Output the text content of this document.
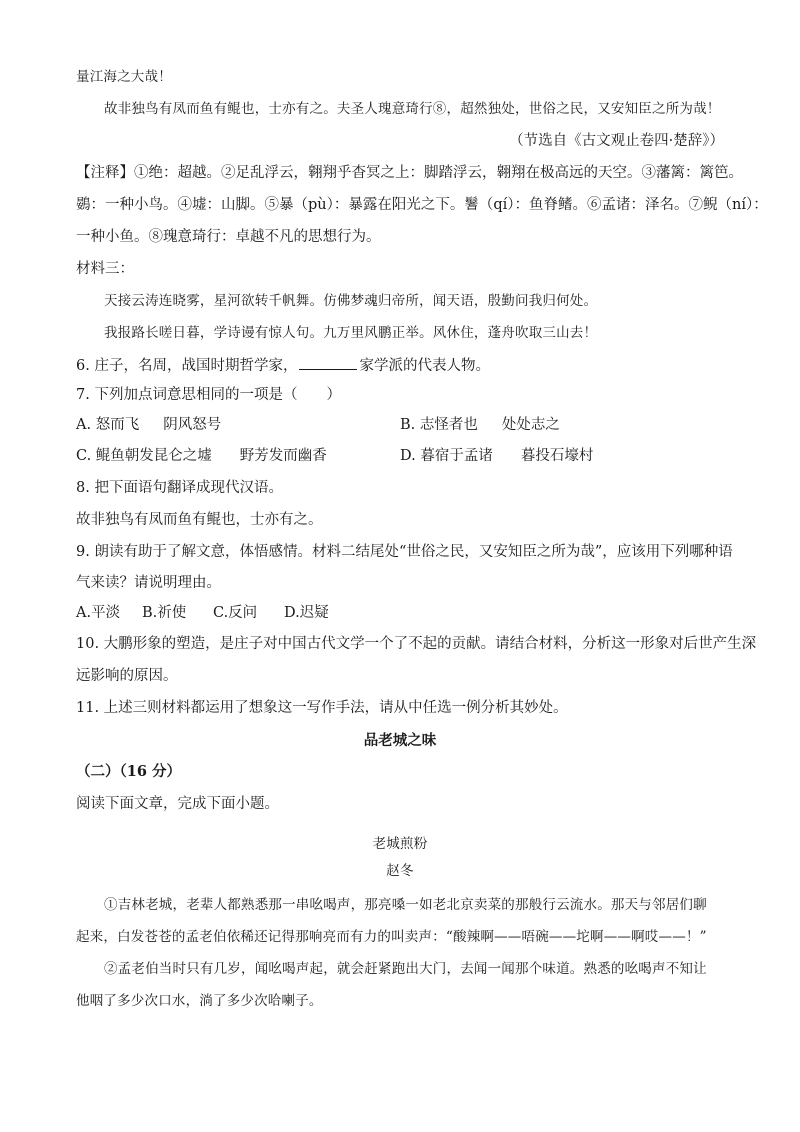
量江海之大哉！
故非独鸟有凤而鱼有鲲也，士亦有之。夫圣人瑰意琦行⑧，超然独处，世俗之民，又安知臣之所为哉！
（节选自《古文观止卷四·楚辞》）
【注释】①绝：超越。②足乱浮云，翱翔乎杳冥之上：脚踏浮云，翱翔在极高远的天空。③藩篱：篱笆。
鷃：一种小鸟。④墟：山脚。⑤暴（pù）：暴露在阳光之下。鬐（qí）：鱼脊鳍。⑥孟诸：泽名。⑦鲵（ní）：
一种小鱼。⑧瑰意琦行：卓越不凡的思想行为。
材料三：
天接云涛连晓雾，星河欲转千帆舞。仿佛梦魂归帝所，闻天语，殷勤问我归何处。
我报路长嗟日暮，学诗谩有惊人句。九万里风鹏正举。风休住，蓬舟吹取三山去！
6. 庄子，名周，战国时期哲学家，	家学派的代表人物。
7. 下列加点词意思相同的一项是（　　）
A. 怒而飞 阴风怒号	B. 志怪者也 处处志之
C. 鲲鱼朝发昆仑之墟 野芳发而幽香	D. 暮宿于孟诸 暮投石壕村
8. 把下面语句翻译成现代汉语。
故非独鸟有凤而鱼有鲲也，士亦有之。
9. 朗读有助于了解文意，体悟感情。材料二结尾处“世俗之民，又安知臣之所为哉”，应该用下列哪种语
气来读？请说明理由。
A.平淡 B.祈使 C.反问 D.迟疑
10. 大鹏形象的塑造，是庄子对中国古代文学一个了不起的贡献。请结合材料，分析这一形象对后世产生深
远影响的原因。
11. 上述三则材料都运用了想象这一写作手法，请从中任选一例分析其妙处。
品老城之味
（二）（16 分）
阅读下面文章，完成下面小题。
老城煎粉
赵冬
①吉林老城，老辈人都熟悉那一串吆喝声，那亮嗓一如老北京卖菜的那般行云流水。那天与邻居们聊
起来，白发苍苍的孟老伯依稀还记得那响亮而有力的叫卖声：“酸辣啊——唔碗——坨啊——啊哎——！”
②孟老伯当时只有几岁，闻吆喝声起，就会赶紧跑出大门，去闻一闻那个味道。熟悉的吆喝声不知让
他咽了多少次口水，淌了多少次哈喇子。
